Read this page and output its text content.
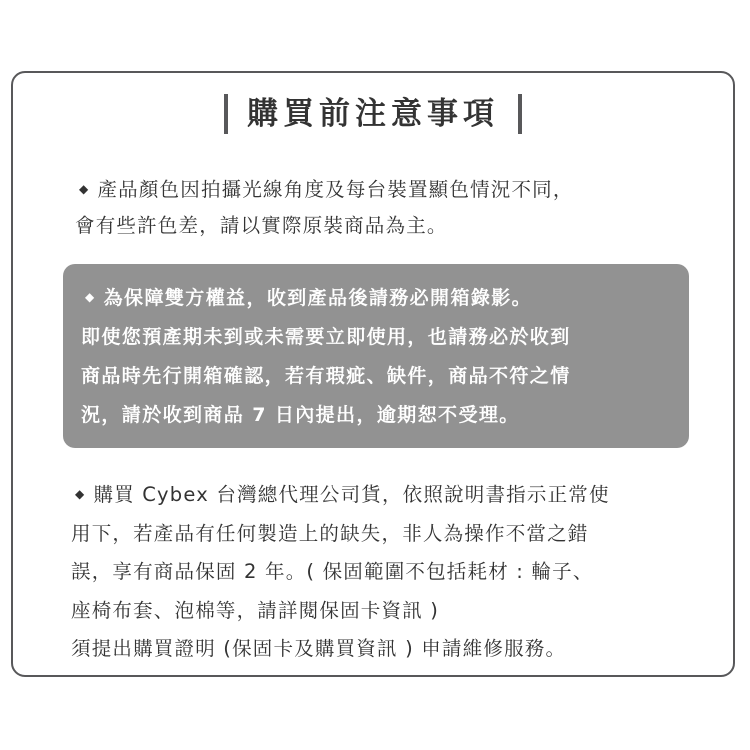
購買前注意事項

◆ 產品顏色因拍攝光線角度及每台裝置顯色情況不同，
會有些許色差，請以實際原裝商品為主。

◆ 為保障雙方權益，收到產品後請務必開箱錄影。
即使您預產期未到或未需要立即使用，也請務必於收到
商品時先行開箱確認，若有瑕疵、缺件，商品不符之情
況，請於收到商品 7 日內提出，逾期恕不受理。

◆ 購買 Cybex 台灣總代理公司貨，依照說明書指示正常使
用下，若產品有任何製造上的缺失，非人為操作不當之錯
誤，享有商品保固 2 年。( 保固範圍不包括耗材 : 輪子、
座椅布套、泡棉等，請詳閱保固卡資訊 )
須提出購買證明 (保固卡及購買資訊 ) 申請維修服務。
